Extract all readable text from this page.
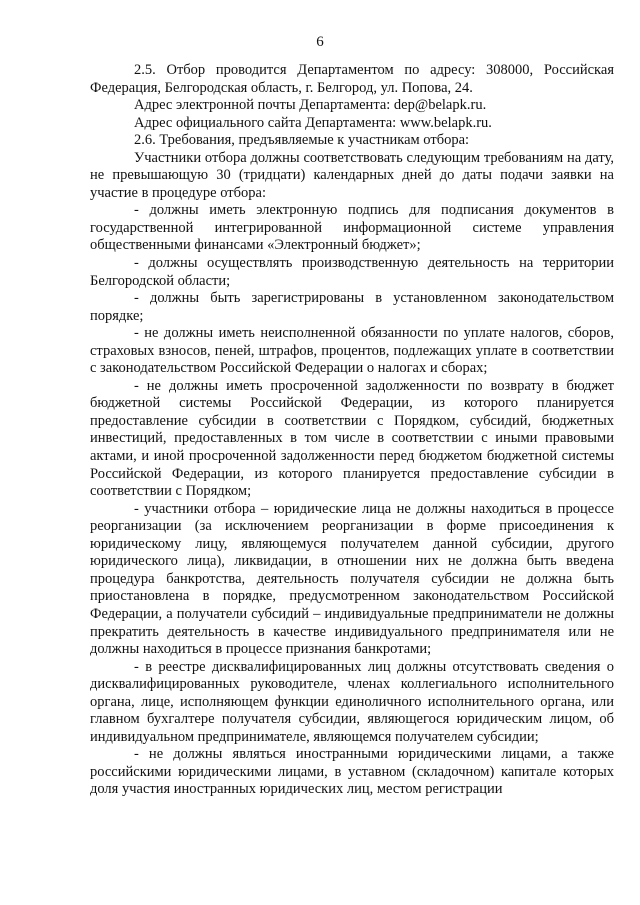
6

2.5. Отбор проводится Департаментом по адресу: 308000, Российская Федерация, Белгородская область, г. Белгород, ул. Попова, 24.

Адрес электронной почты Департамента: dep@belapk.ru.

Адрес официального сайта Департамента: www.belapk.ru.

2.6. Требования, предъявляемые к участникам отбора:

Участники отбора должны соответствовать следующим требованиям на дату, не превышающую 30 (тридцати) календарных дней до даты подачи заявки на участие в процедуре отбора:

- должны иметь электронную подпись для подписания документов в государственной интегрированной информационной системе управления общественными финансами «Электронный бюджет»;

- должны осуществлять производственную деятельность на территории Белгородской области;

- должны быть зарегистрированы в установленном законодательством порядке;

- не должны иметь неисполненной обязанности по уплате налогов, сборов, страховых взносов, пеней, штрафов, процентов, подлежащих уплате в соответствии с законодательством Российской Федерации о налогах и сборах;

- не должны иметь просроченной задолженности по возврату в бюджет бюджетной системы Российской Федерации, из которого планируется предоставление субсидии в соответствии с Порядком, субсидий, бюджетных инвестиций, предоставленных в том числе в соответствии с иными правовыми актами, и иной просроченной задолженности перед бюджетом бюджетной системы Российской Федерации, из которого планируется предоставление субсидии в соответствии с Порядком;

- участники отбора – юридические лица не должны находиться в процессе реорганизации (за исключением реорганизации в форме присоединения к юридическому лицу, являющемуся получателем данной субсидии, другого юридического лица), ликвидации, в отношении них не должна быть введена процедура банкротства, деятельность получателя субсидии не должна быть приостановлена в порядке, предусмотренном законодательством Российской Федерации, а получатели субсидий – индивидуальные предприниматели не должны прекратить деятельность в качестве индивидуального предпринимателя или не должны находиться в процессе признания банкротами;

- в реестре дисквалифицированных лиц должны отсутствовать сведения о дисквалифицированных руководителе, членах коллегиального исполнительного органа, лице, исполняющем функции единоличного исполнительного органа, или главном бухгалтере получателя субсидии, являющегося юридическим лицом, об индивидуальном предпринимателе, являющемся получателем субсидии;

- не должны являться иностранными юридическими лицами, а также российскими юридическими лицами, в уставном (складочном) капитале которых доля участия иностранных юридических лиц, местом регистрации
